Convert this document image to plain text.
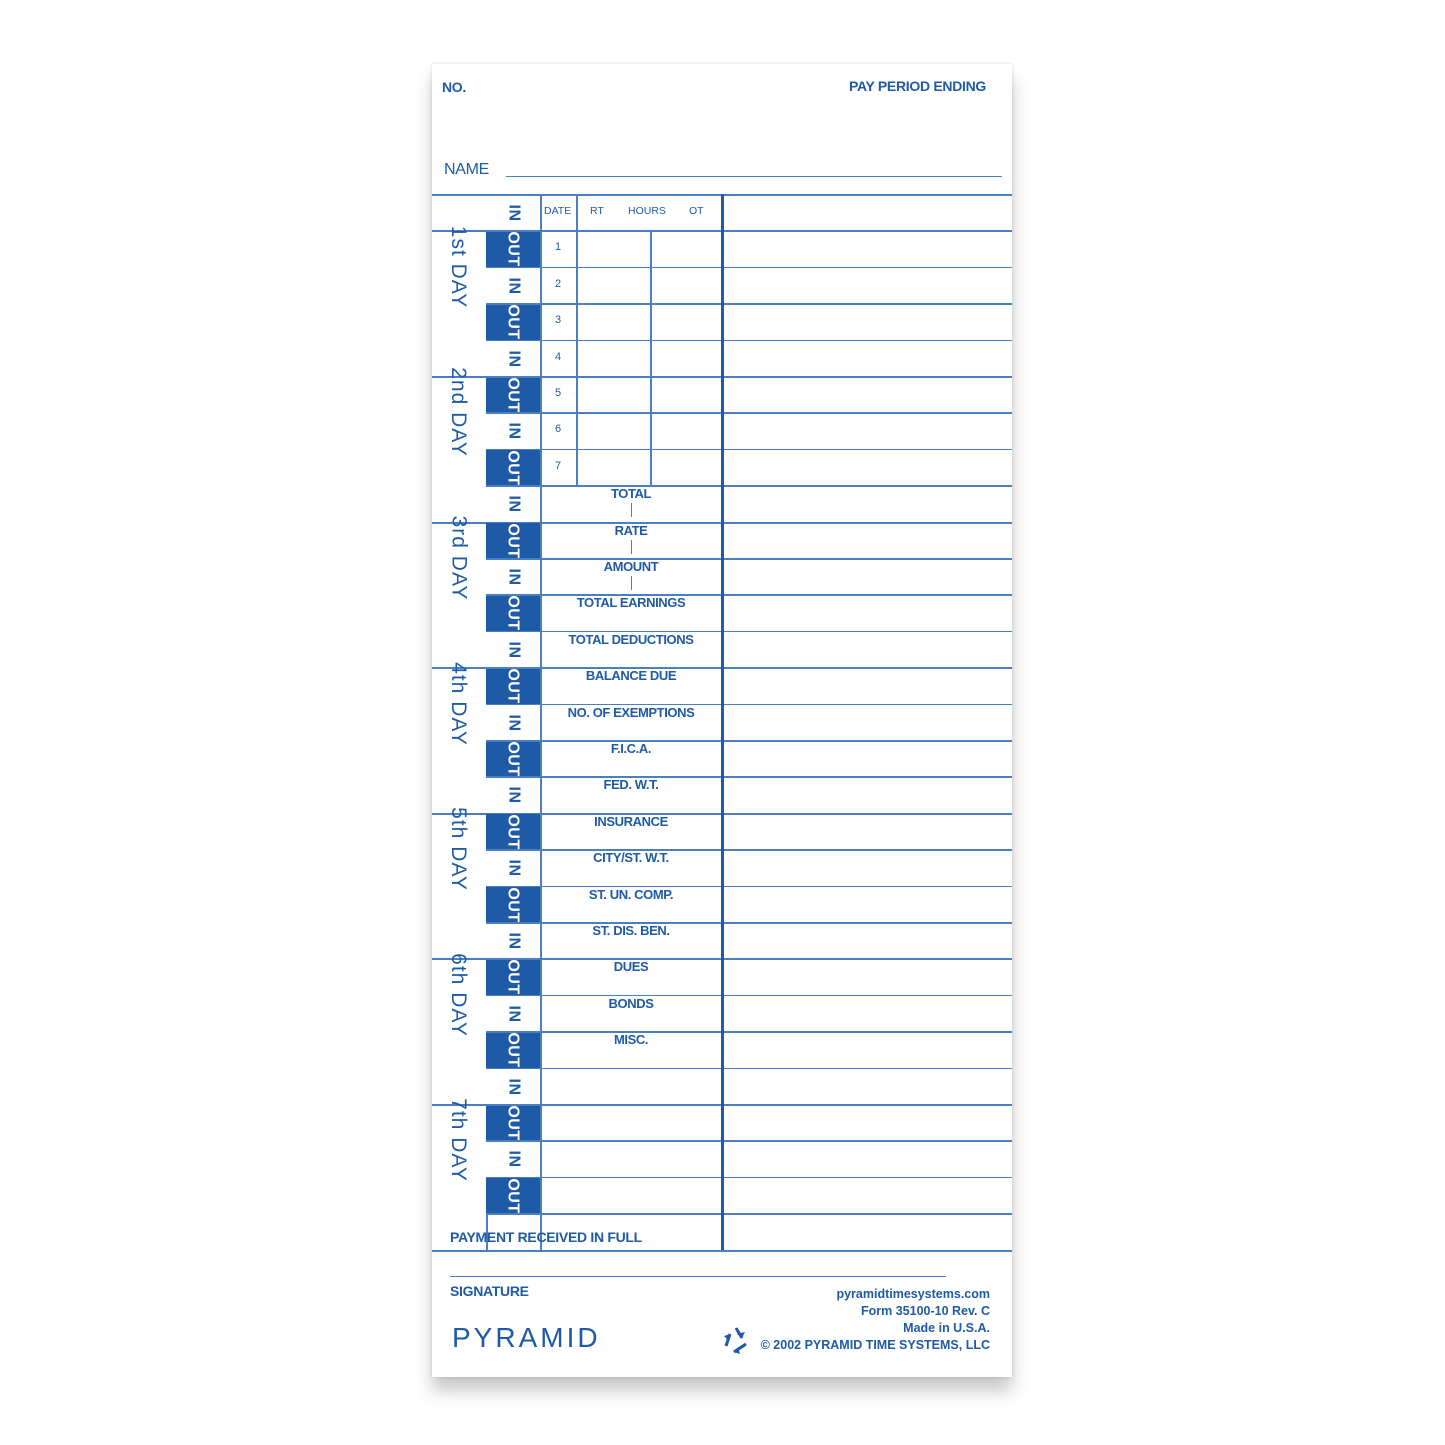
NO.	PAY PERIOD ENDING
NAME
DATE RT HOURS OT
IN
OUT
IN
OUT
IN
OUT
IN
OUT
IN
OUT
IN
OUT
IN
OUT
IN
OUT
IN
OUT
IN
OUT
IN
OUT
IN
OUT
IN
OUT
IN
OUT
1st DAY
2nd DAY
3rd DAY
4th DAY
5th DAY
6th DAY
7th DAY
1
2
3
4
5
6
7
TOTAL
RATE
AMOUNT
TOTAL EARNINGS
TOTAL DEDUCTIONS
BALANCE DUE
NO. OF EXEMPTIONS
F.I.C.A.
FED. W.T.
INSURANCE
CITY/ST. W.T.
ST. UN. COMP.
ST. DIS. BEN.
DUES
BONDS
MISC.
PAYMENT RECEIVED IN FULL
SIGNATURE
PYRAMID
pyramidtimesystems.com
Form 35100-10 Rev. C
Made in U.S.A.
© 2002 PYRAMID TIME SYSTEMS, LLC
